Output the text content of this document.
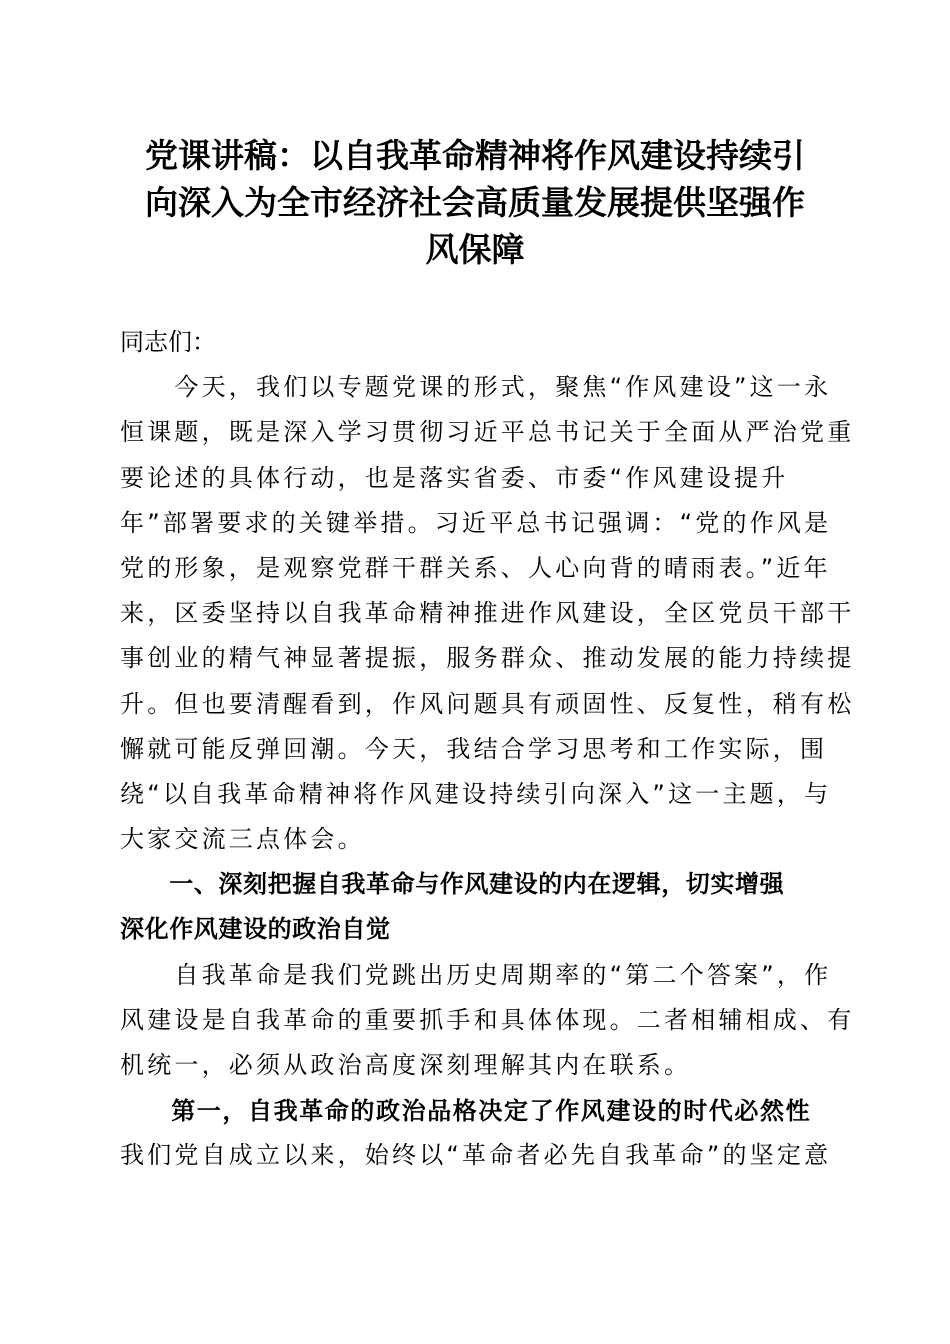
党课讲稿：以自我革命精神将作风建设持续引
向深入为全市经济社会高质量发展提供坚强作
风保障

同志们：

　　今天，我们以专题党课的形式，聚焦“作风建设”这一永
恒课题，既是深入学习贯彻习近平总书记关于全面从严治党重
要论述的具体行动，也是落实省委、市委“作风建设提升
年”部署要求的关键举措。习近平总书记强调：“党的作风是
党的形象，是观察党群干群关系、人心向背的晴雨表。”近年
来，区委坚持以自我革命精神推进作风建设，全区党员干部干
事创业的精气神显著提振，服务群众、推动发展的能力持续提
升。但也要清醒看到，作风问题具有顽固性、反复性，稍有松
懈就可能反弹回潮。今天，我结合学习思考和工作实际，围
绕“以自我革命精神将作风建设持续引向深入”这一主题，与
大家交流三点体会。

　　一、深刻把握自我革命与作风建设的内在逻辑，切实增强
深化作风建设的政治自觉

　　自我革命是我们党跳出历史周期率的“第二个答案”，作
风建设是自我革命的重要抓手和具体体现。二者相辅相成、有
机统一，必须从政治高度深刻理解其内在联系。

　　第一，自我革命的政治品格决定了作风建设的时代必然性

我们党自成立以来，始终以“革命者必先自我革命”的坚定意
